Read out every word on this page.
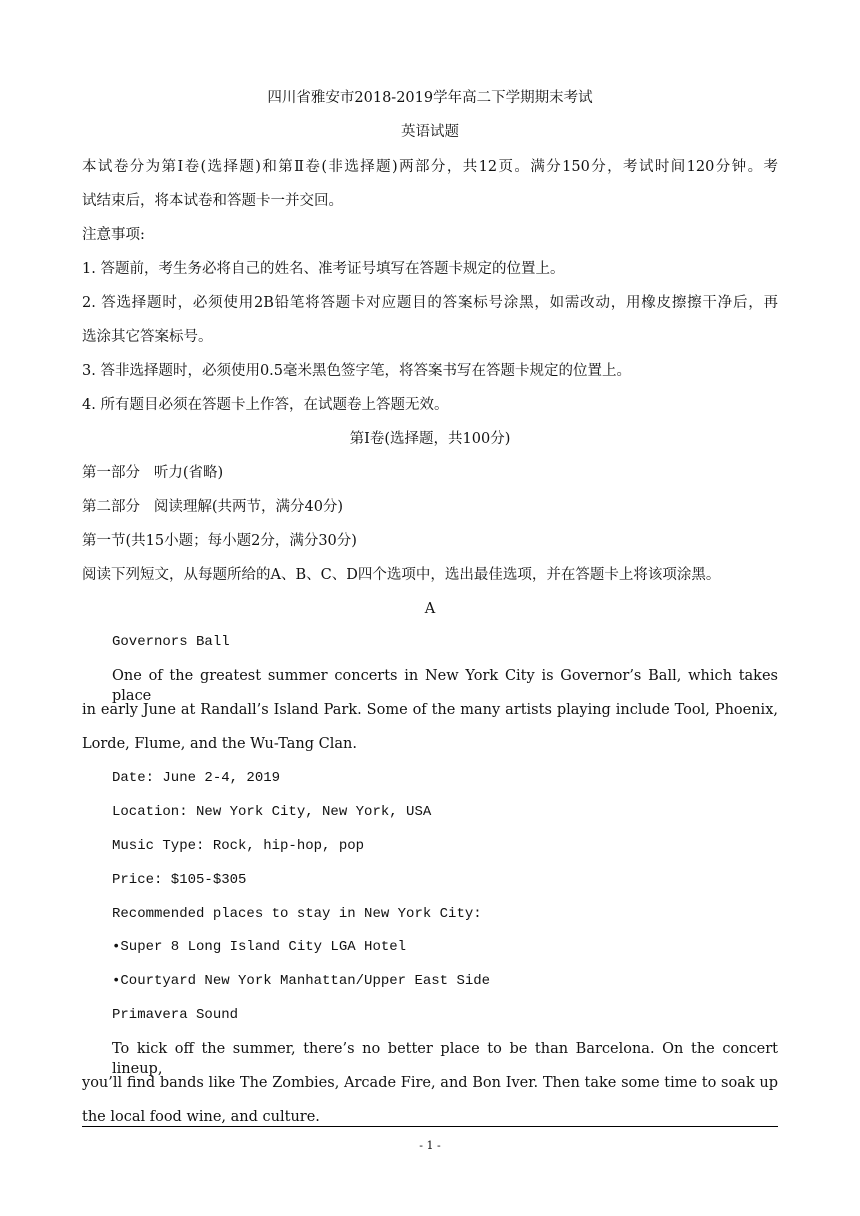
四川省雅安市2018-2019学年高二下学期期末考试
英语试题
本试卷分为第Ⅰ卷(选择题)和第Ⅱ卷(非选择题)两部分，共12页。满分150分，考试时间120分钟。考
试结束后，将本试卷和答题卡一并交回。
注意事项:
1. 答题前，考生务必将自己的姓名、准考证号填写在答题卡规定的位置上。
2. 答选择题时，必须使用2B铅笔将答题卡对应题目的答案标号涂黑，如需改动，用橡皮擦擦干净后，再
选涂其它答案标号。
3. 答非选择题时，必须使用0.5毫米黑色签字笔，将答案书写在答题卡规定的位置上。
4. 所有题目必须在答题卡上作答，在试题卷上答题无效。
第Ⅰ卷(选择题，共100分)
第一部分   听力(省略)
第二部分   阅读理解(共两节，满分40分)
第一节(共15小题；每小题2分，满分30分)
阅读下列短文，从每题所给的A、B、C、D四个选项中，选出最佳选项，并在答题卡上将该项涂黑。
A
Governors Ball
One of the greatest summer concerts in New York City is Governor’s Ball, which takes place
in early June at Randall’s Island Park. Some of the many artists playing include Tool, Phoenix,
Lorde, Flume, and the Wu-Tang Clan.
Date: June 2-4, 2019
Location: New York City, New York, USA
Music Type: Rock, hip-hop, pop
Price: $105-$305
Recommended places to stay in New York City:
•Super 8 Long Island City LGA Hotel
•Courtyard New York Manhattan/Upper East Side
Primavera Sound
To kick off the summer, there’s no better place to be than Barcelona. On the concert lineup,
you’ll find bands like The Zombies, Arcade Fire, and Bon Iver. Then take some time to soak up
the local food wine, and culture.
- 1 -
